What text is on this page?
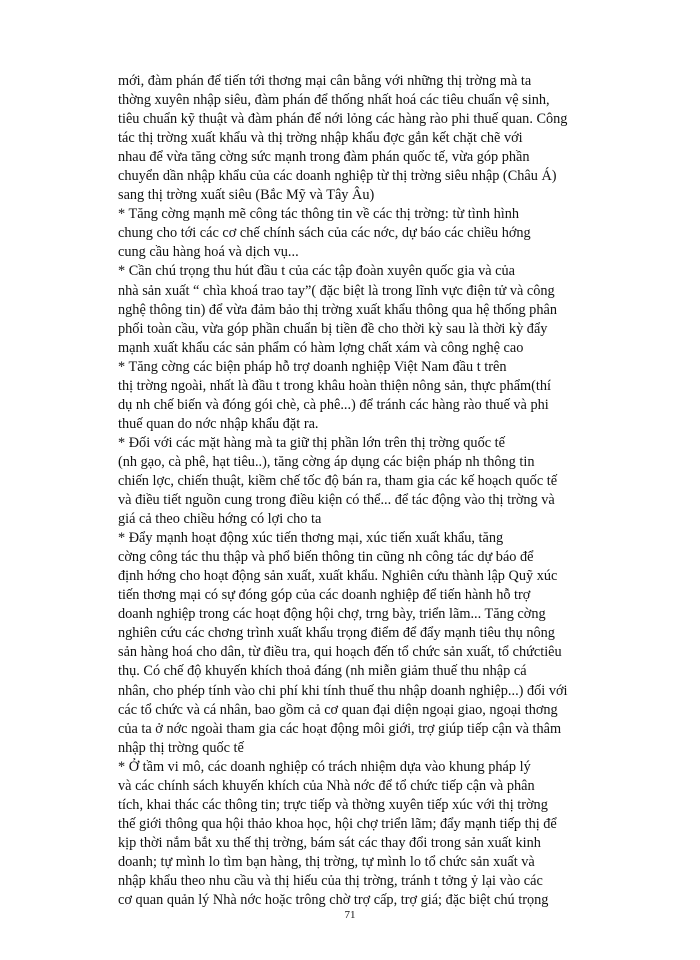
mới, đàm phán để tiến tới thơng mại cân bằng với những thị trờng mà ta
thờng xuyên nhập siêu, đàm phán để thống nhất hoá các tiêu chuẩn vệ sinh,
tiêu chuẩn kỹ thuật và đàm phán để nới lỏng các hàng rào phi thuế quan. Công
tác thị trờng xuất khẩu và thị trờng nhập khẩu đợc gắn kết chặt chẽ với
nhau để vừa tăng cờng sức mạnh trong đàm phán quốc tế, vừa góp phần
chuyển dần nhập khẩu của các doanh nghiệp từ thị trờng siêu nhập (Châu Á)
sang thị trờng xuất siêu (Bắc Mỹ và Tây Âu)
* Tăng cờng mạnh mẽ công tác thông tin về các thị trờng: từ tình hình
chung cho tới các cơ chế chính sách của các nớc, dự báo các chiều hớng
cung cầu hàng hoá và dịch vụ...
* Cần chú trọng thu hút đầu t của các tập đoàn xuyên quốc gia và của
nhà sản xuất “ chìa khoá trao tay”( đặc biệt là trong lĩnh vực điện tử và công
nghệ thông tin) để vừa đảm bảo thị trờng xuất khẩu thông qua hệ thống phân
phối toàn cầu, vừa góp phần chuẩn bị tiền đề cho thời kỳ sau là thời kỳ đẩy
mạnh xuất khẩu các sản phẩm có hàm lợng chất xám và công nghệ cao
* Tăng cờng các biện pháp hỗ trợ doanh nghiệp Việt Nam đầu t trên
thị trờng ngoài, nhất là đầu t trong khâu hoàn thiện nông sản, thực phẩm(thí
dụ nh chế biến và đóng gói chè, cà phê...) để tránh các hàng rào thuế và phi
thuế quan do nớc nhập khẩu đặt ra.
* Đối với các mặt hàng mà ta giữ thị phần lớn trên thị trờng quốc tế
(nh gạo, cà phê, hạt tiêu..), tăng cờng áp dụng các biện pháp nh thông tin
chiến lợc, chiến thuật, kiềm chế tốc độ bán ra, tham gia các kế hoạch quốc tế
và điều tiết nguồn cung trong điều kiện có thể... để tác động vào thị trờng và
giá cả theo chiều hớng có lợi cho ta
* Đẩy mạnh hoạt động xúc tiến thơng mại, xúc tiến xuất khẩu, tăng
cờng công tác thu thập và phổ biến thông tin cũng nh công tác dự báo để
định hớng cho hoạt động sản xuất, xuất khẩu. Nghiên cứu thành lập Quỹ xúc
tiến thơng mại có sự đóng góp của các doanh nghiệp để tiến hành hỗ trợ
doanh nghiệp trong các hoạt động hội chợ, trng bày, triển lãm... Tăng cờng
nghiên cứu các chơng trình xuất khẩu trọng điểm để đẩy mạnh tiêu thụ nông
sản hàng hoá cho dân, từ điều tra, qui hoạch đến tổ chức sản xuất, tổ chứctiêu
thụ. Có chế độ khuyến khích thoả đáng (nh miễn giảm thuế thu nhập cá
nhân, cho phép tính vào chi phí khi tính thuế thu nhập doanh nghiệp...) đối với
các tổ chức và cá nhân, bao gồm cả cơ quan đại diện ngoại giao, ngoại thơng
của ta ở nớc ngoài tham gia các hoạt động môi giới, trợ giúp tiếp cận và thâm
nhập thị trờng quốc tế
* Ở tầm vi mô, các doanh nghiệp có trách nhiệm dựa vào khung pháp lý
và các chính sách khuyến khích của Nhà nớc để tổ chức tiếp cận và phân
tích, khai thác các thông tin; trực tiếp và thờng xuyên tiếp xúc với thị trờng
thế giới thông qua hội thảo khoa học, hội chợ triển lãm; đẩy mạnh tiếp thị để
kịp thời nắm bắt xu thế thị trờng, bám sát các thay đổi trong sản xuất kinh
doanh; tự mình lo tìm bạn hàng, thị trờng, tự mình lo tổ chức sản xuất và
nhập khẩu theo nhu cầu và thị hiếu của thị trờng, tránh t tởng ỷ lại vào các
cơ quan quản lý Nhà nớc hoặc trông chờ trợ cấp, trợ giá; đặc biệt chú trọng
71
